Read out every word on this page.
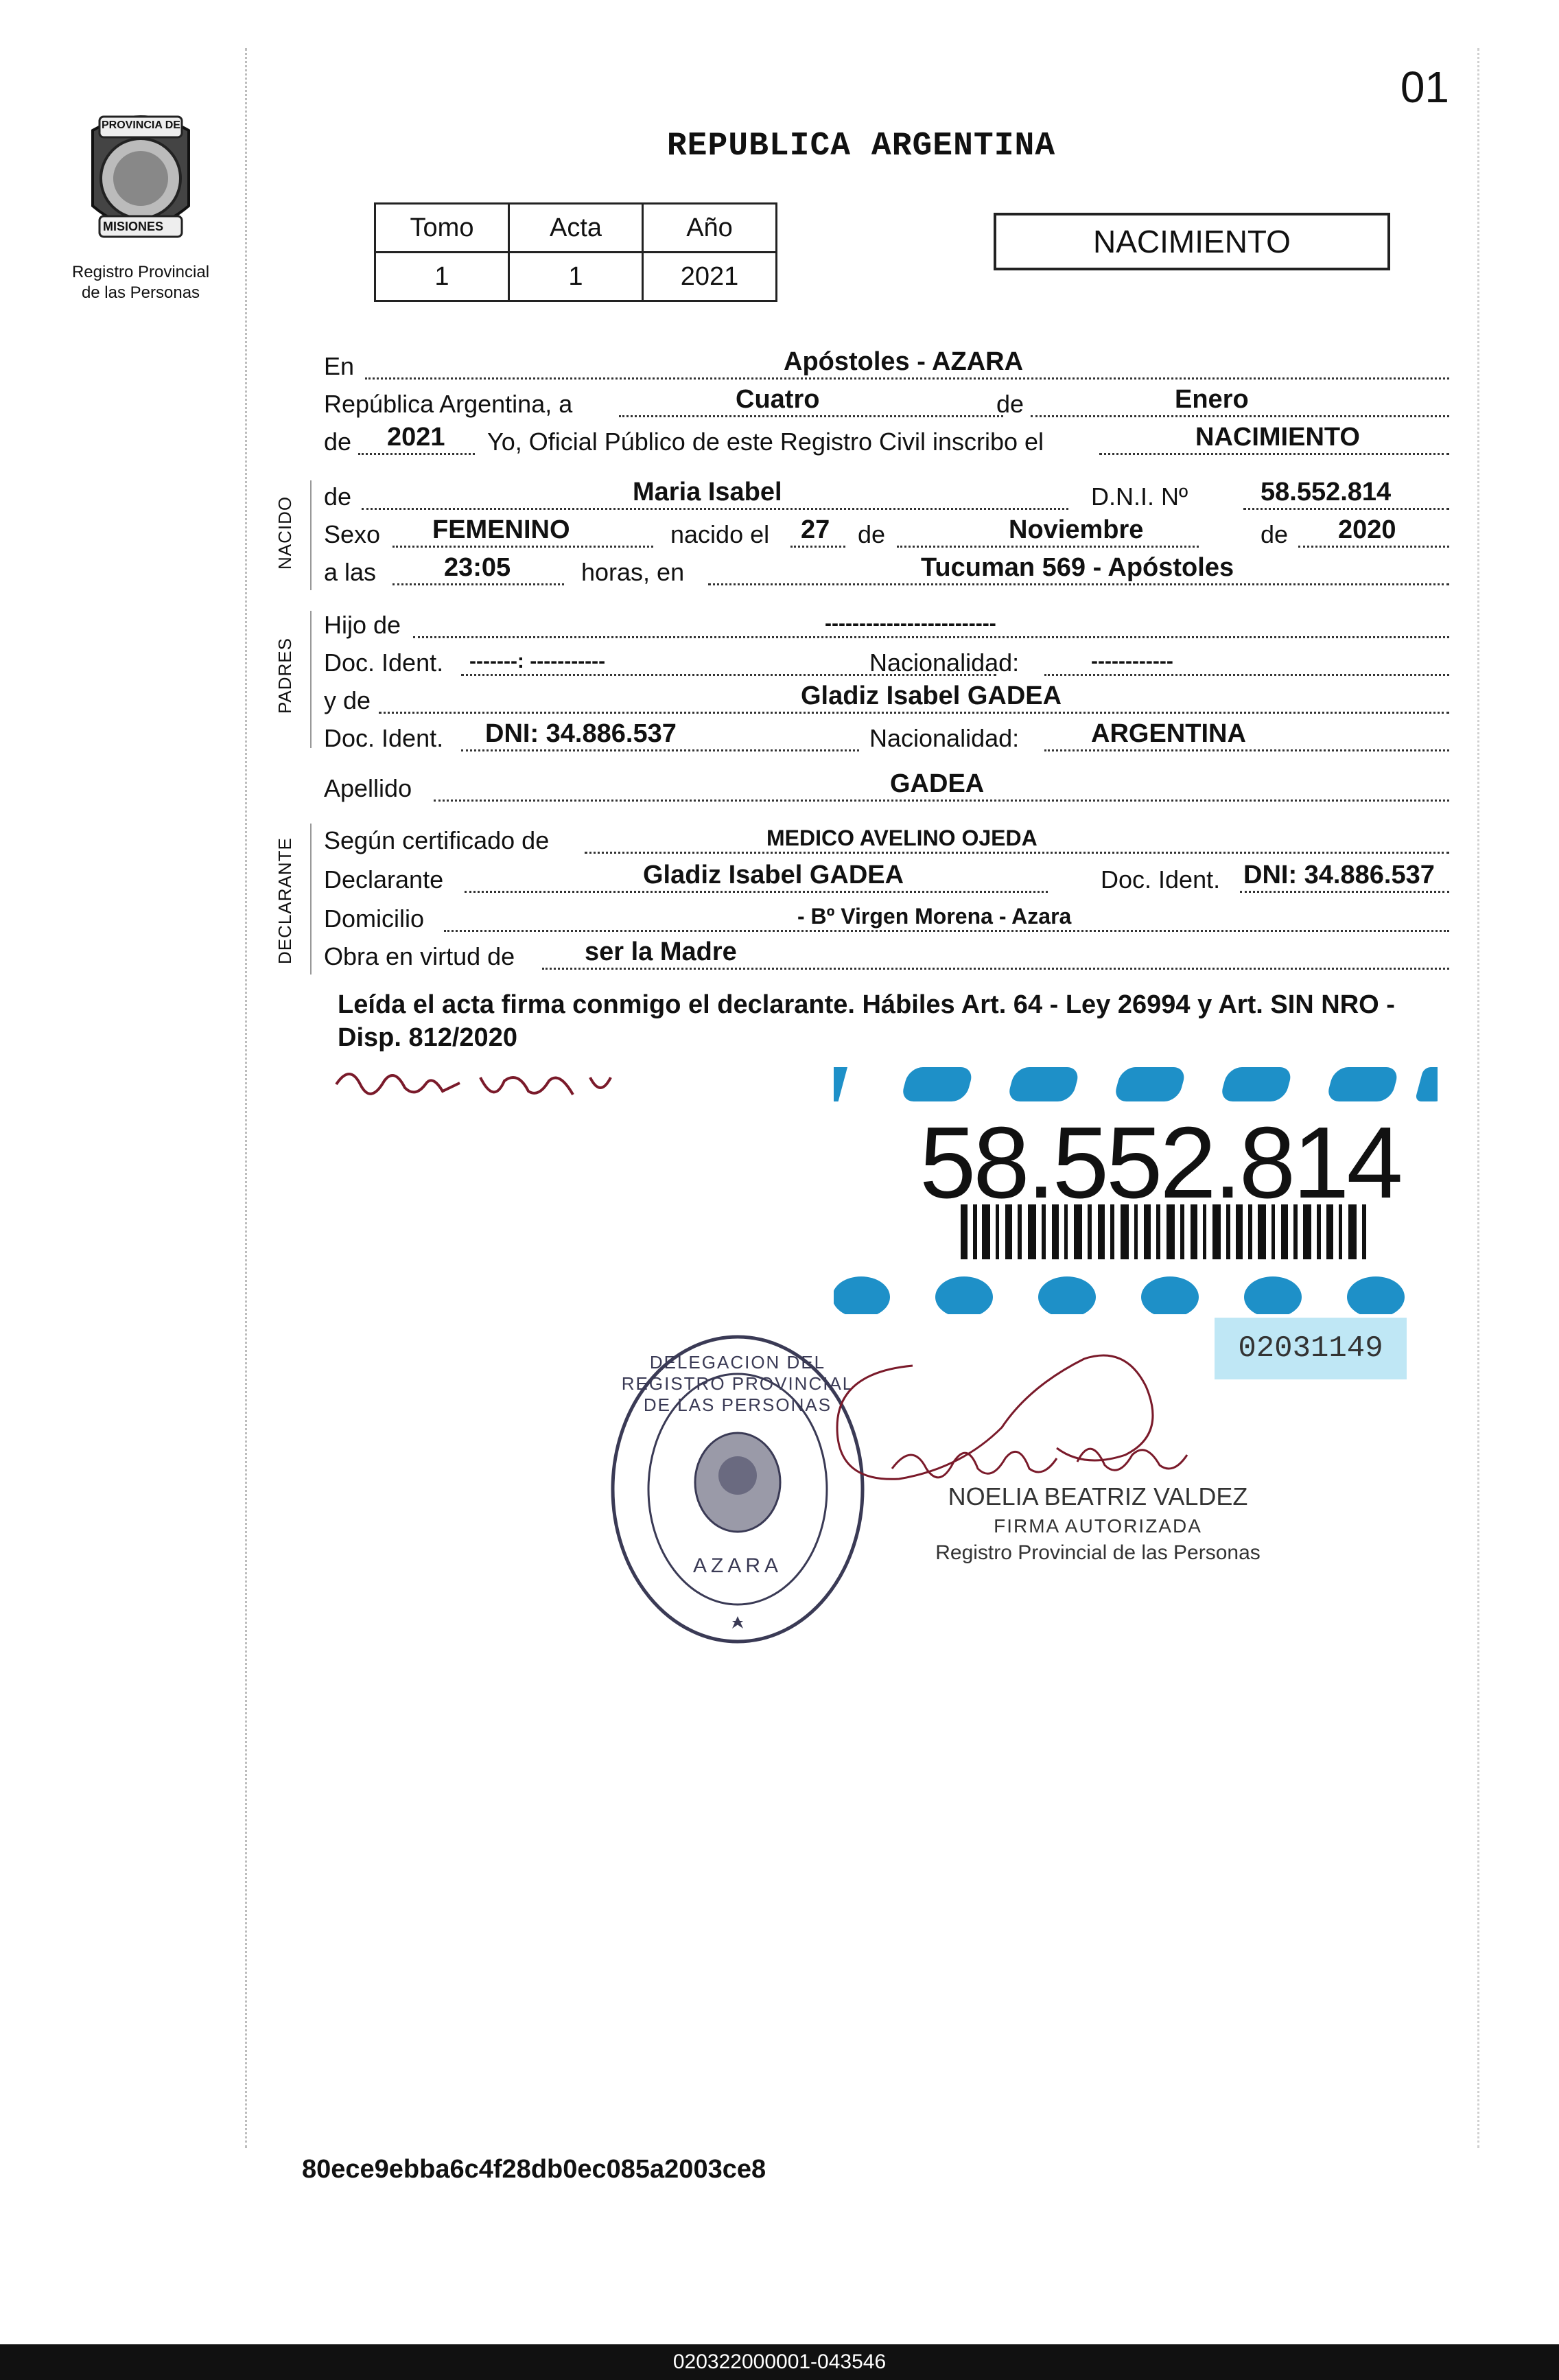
01
PROVINCIA DE
MISIONES
Registro Provincial
de las Personas
REPUBLICA ARGENTINA
Tomo	Acta	Año
1	1	2021
NACIMIENTO
En	Apóstoles - AZARA
República Argentina, a	Cuatro	de	Enero
de 2021 Yo, Oficial Público de este Registro Civil inscribo el	NACIMIENTO
NACIDO de	Maria Isabel	D.N.I. Nº	58.552.814
Sexo FEMENINO	nacido el 27 de	Noviembre	de 2020
a las	23:05	horas, en	Tucuman 569 - Apóstoles
PADRES
Hijo de	-------------------------
Doc. Ident. -------: -----------	Nacionalidad:	------------
y de	Gladiz Isabel GADEA
Doc. Ident. DNI: 34.886.537	Nacionalidad:	ARGENTINA
Apellido	GADEA
DECLARANTE Según certificado de	MEDICO AVELINO OJEDA
Declarante	Gladiz Isabel GADEA	Doc. Ident. DNI: 34.886.537
Domicilio	- Bº Virgen Morena - Azara
Obra en virtud de	ser la Madre
Leída el acta firma conmigo el declarante. Hábiles Art. 64 - Ley 26994 y Art. SIN NRO - Disp. 812/2020
58.552.814
02031149
DELEGACION DEL REGISTRO PROVINCIAL DE LAS PERSONAS
AZARA
NOELIA BEATRIZ VALDEZ
FIRMA AUTORIZADA
Registro Provincial de las Personas
80ece9ebba6c4f28db0ec085a2003ce8
020322000001-043546
